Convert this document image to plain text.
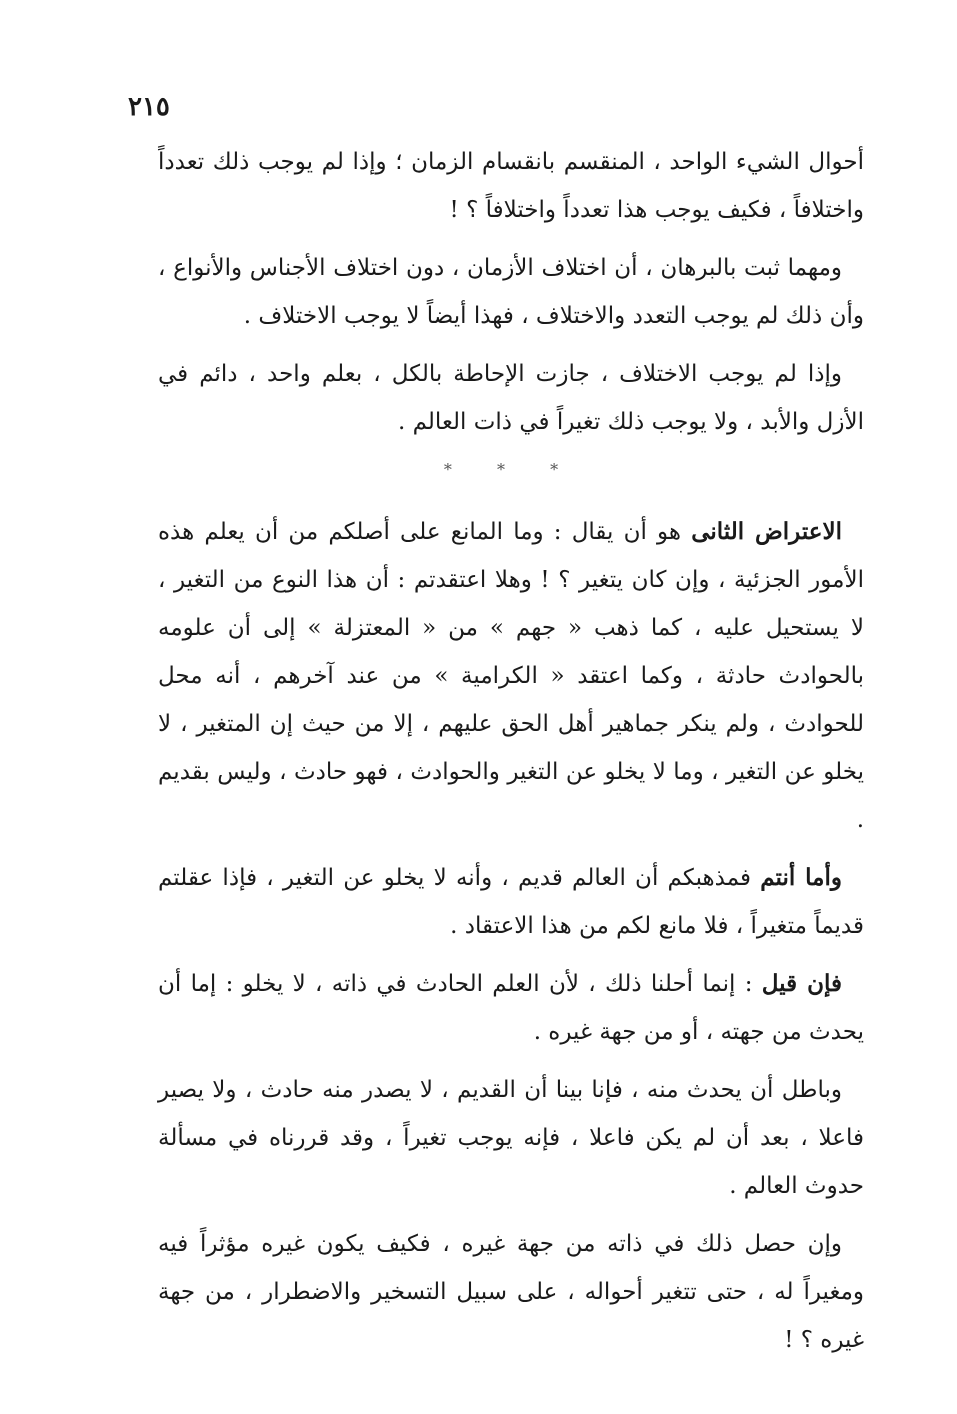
٢١٥

أحوال الشيء الواحد ، المنقسم بانقسام الزمان ؛ وإذا لم يوجب ذلك تعدداً واختلافاً ، فكيف يوجب هذا تعدداً واختلافاً ؟ !

ومهما ثبت بالبرهان ، أن اختلاف الأزمان ، دون اختلاف الأجناس والأنواع ، وأن ذلك لم يوجب التعدد والاختلاف ، فهذا أيضاً لا يوجب الاختلاف .

وإذا لم يوجب الاختلاف ، جازت الإحاطة بالكل ، بعلم واحد ، دائم في الأزل والأبد ، ولا يوجب ذلك تغيراً في ذات العالم .

* * *

الاعتراض الثانى هو أن يقال : وما المانع على أصلكم من أن يعلم هذه الأمور الجزئية ، وإن كان يتغير ؟ ! وهلا اعتقدتم : أن هذا النوع من التغير ، لا يستحيل عليه ، كما ذهب « جهم » من « المعتزلة » إلى أن علومه بالحوادث حادثة ، وكما اعتقد « الكرامية » من عند آخرهم ، أنه محل للحوادث ، ولم ينكر جماهير أهل الحق عليهم ، إلا من حيث إن المتغير ، لا يخلو عن التغير ، وما لا يخلو عن التغير والحوادث ، فهو حادث ، وليس بقديم .

وأما أنتم فمذهبكم أن العالم قديم ، وأنه لا يخلو عن التغير ، فإذا عقلتم قديماً متغيراً ، فلا مانع لكم من هذا الاعتقاد .

فإن قيل : إنما أحلنا ذلك ، لأن العلم الحادث في ذاته ، لا يخلو : إما أن يحدث من جهته ، أو من جهة غيره .

وباطل أن يحدث منه ، فإنا بينا أن القديم ، لا يصدر منه حادث ، ولا يصير فاعلا ، بعد أن لم يكن فاعلا ، فإنه يوجب تغيراً ، وقد قررناه في مسألة حدوث العالم .

وإن حصل ذلك في ذاته من جهة غيره ، فكيف يكون غيره مؤثراً فيه ومغيراً له ، حتى تتغير أحواله ، على سبيل التسخير والاضطرار ، من جهة غيره ؟ !
